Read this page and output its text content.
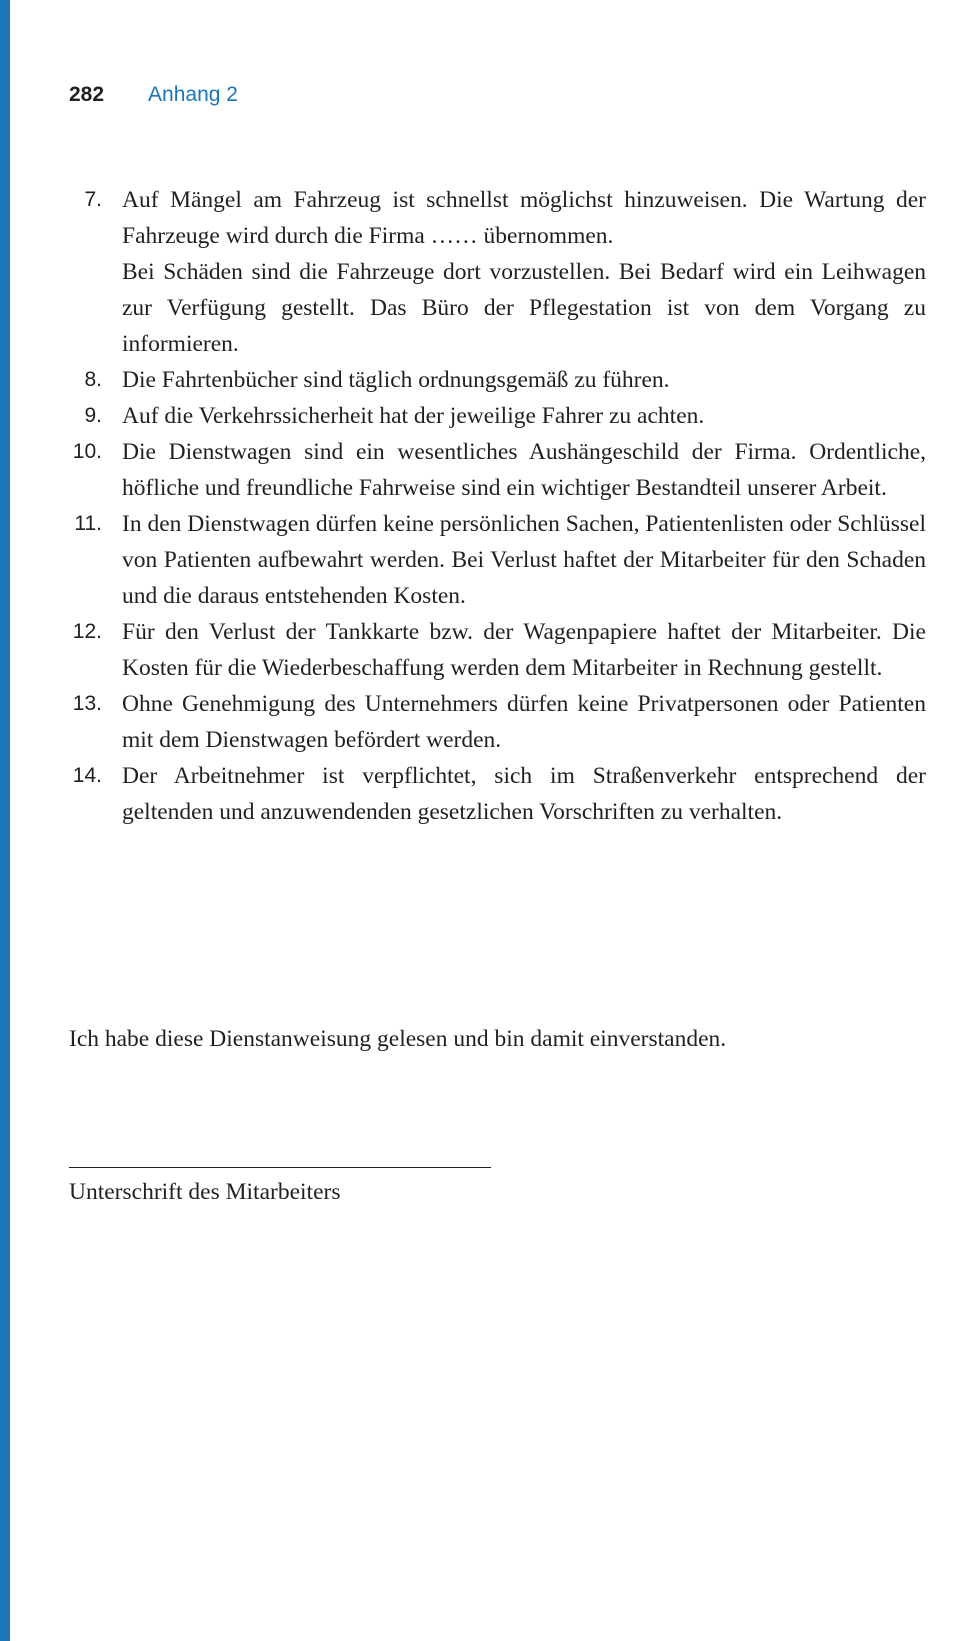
282 Anhang 2
7. Auf Mängel am Fahrzeug ist schnellst möglichst hinzuweisen. Die Wartung der Fahrzeuge wird durch die Firma …… übernommen.
Bei Schäden sind die Fahrzeuge dort vorzustellen. Bei Bedarf wird ein Leihwagen zur Verfügung gestellt. Das Büro der Pflegestation ist von dem Vorgang zu informieren.
8. Die Fahrtenbücher sind täglich ordnungsgemäß zu führen.
9. Auf die Verkehrssicherheit hat der jeweilige Fahrer zu achten.
10. Die Dienstwagen sind ein wesentliches Aushängeschild der Firma. Ordentliche, höfliche und freundliche Fahrweise sind ein wichtiger Bestandteil unserer Arbeit.
11. In den Dienstwagen dürfen keine persönlichen Sachen, Patientenlisten oder Schlüssel von Patienten aufbewahrt werden. Bei Verlust haftet der Mitarbeiter für den Schaden und die daraus entstehenden Kosten.
12. Für den Verlust der Tankkarte bzw. der Wagenpapiere haftet der Mitarbeiter. Die Kosten für die Wiederbeschaffung werden dem Mitarbeiter in Rechnung gestellt.
13. Ohne Genehmigung des Unternehmers dürfen keine Privatpersonen oder Patienten mit dem Dienstwagen befördert werden.
14. Der Arbeitnehmer ist verpflichtet, sich im Straßenverkehr entsprechend der geltenden und anzuwendenden gesetzlichen Vorschriften zu verhalten.
Ich habe diese Dienstanweisung gelesen und bin damit einverstanden.
Unterschrift des Mitarbeiters
